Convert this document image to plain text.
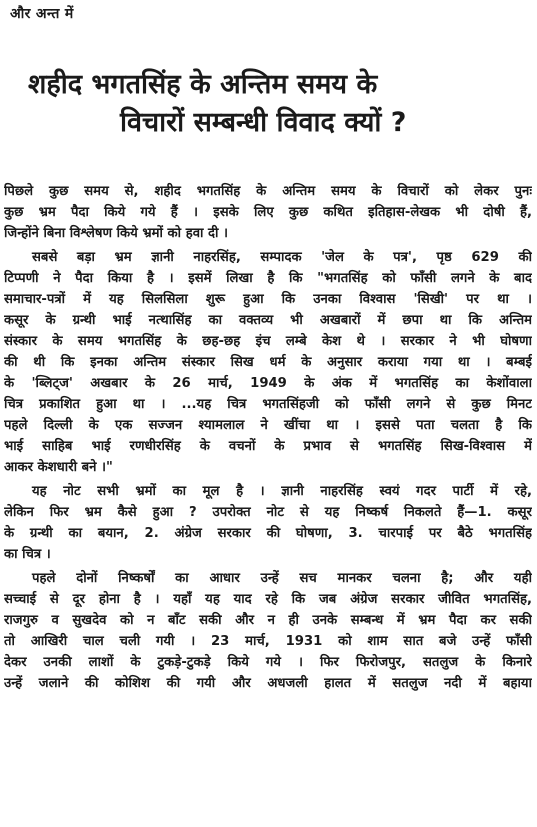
और अन्त में
शहीद भगतसिंह के अन्तिम समय के
विचारों सम्बन्धी विवाद क्यों ?
पिछले कुछ समय से, शहीद भगतसिंह के अन्तिम समय के विचारों को लेकर पुनः
कुछ भ्रम पैदा किये गये हैं । इसके लिए कुछ कथित इतिहास-लेखक भी दोषी हैं,
जिन्होंने बिना विश्लेषण किये भ्रमों को हवा दी ।
सबसे बड़ा भ्रम ज्ञानी नाहरसिंह, सम्पादक 'जेल के पत्र', पृष्ठ 629 की
टिप्पणी ने पैदा किया है । इसमें लिखा है कि "भगतसिंह को फाँसी लगने के बाद
समाचार-पत्रों में यह सिलसिला शुरू हुआ कि उनका विश्वास 'सिखी' पर था ।
कसूर के ग्रन्थी भाई नत्थासिंह का वक्तव्य भी अखबारों में छपा था कि अन्तिम
संस्कार के समय भगतसिंह के छह-छह इंच लम्बे केश थे । सरकार ने भी घोषणा
की थी कि इनका अन्तिम संस्कार सिख धर्म के अनुसार कराया गया था । बम्बई
के 'ब्लिट्ज' अखबार के 26 मार्च, 1949 के अंक में भगतसिंह का केशोंवाला
चित्र प्रकाशित हुआ था । ...यह चित्र भगतसिंहजी को फाँसी लगने से कुछ मिनट
पहले दिल्ली के एक सज्जन श्यामलाल ने खींचा था । इससे पता चलता है कि
भाई साहिब भाई रणधीरसिंह के वचनों के प्रभाव से भगतसिंह सिख-विश्वास में
आकर केशधारी बने ।"
यह नोट सभी भ्रमों का मूल है । ज्ञानी नाहरसिंह स्वयं गदर पार्टी में रहे,
लेकिन फिर भ्रम कैसे हुआ ? उपरोक्त नोट से यह निष्कर्ष निकलते हैं—1. कसूर
के ग्रन्थी का बयान, 2. अंग्रेज सरकार की घोषणा, 3. चारपाई पर बैठे भगतसिंह
का चित्र ।
पहले दोनों निष्कर्षों का आधार उन्हें सच मानकर चलना है; और यही
सच्चाई से दूर होना है । यहाँ यह याद रहे कि जब अंग्रेज सरकार जीवित भगतसिंह,
राजगुरु व सुखदेव को न बाँट सकी और न ही उनके सम्बन्ध में भ्रम पैदा कर सकी
तो आखिरी चाल चली गयी । 23 मार्च, 1931 को शाम सात बजे उन्हें फाँसी
देकर उनकी लाशों के टुकड़े-टुकड़े किये गये । फिर फिरोजपुर, सतलुज के किनारे
उन्हें जलाने की कोशिश की गयी और अधजली हालत में सतलुज नदी में बहाया
